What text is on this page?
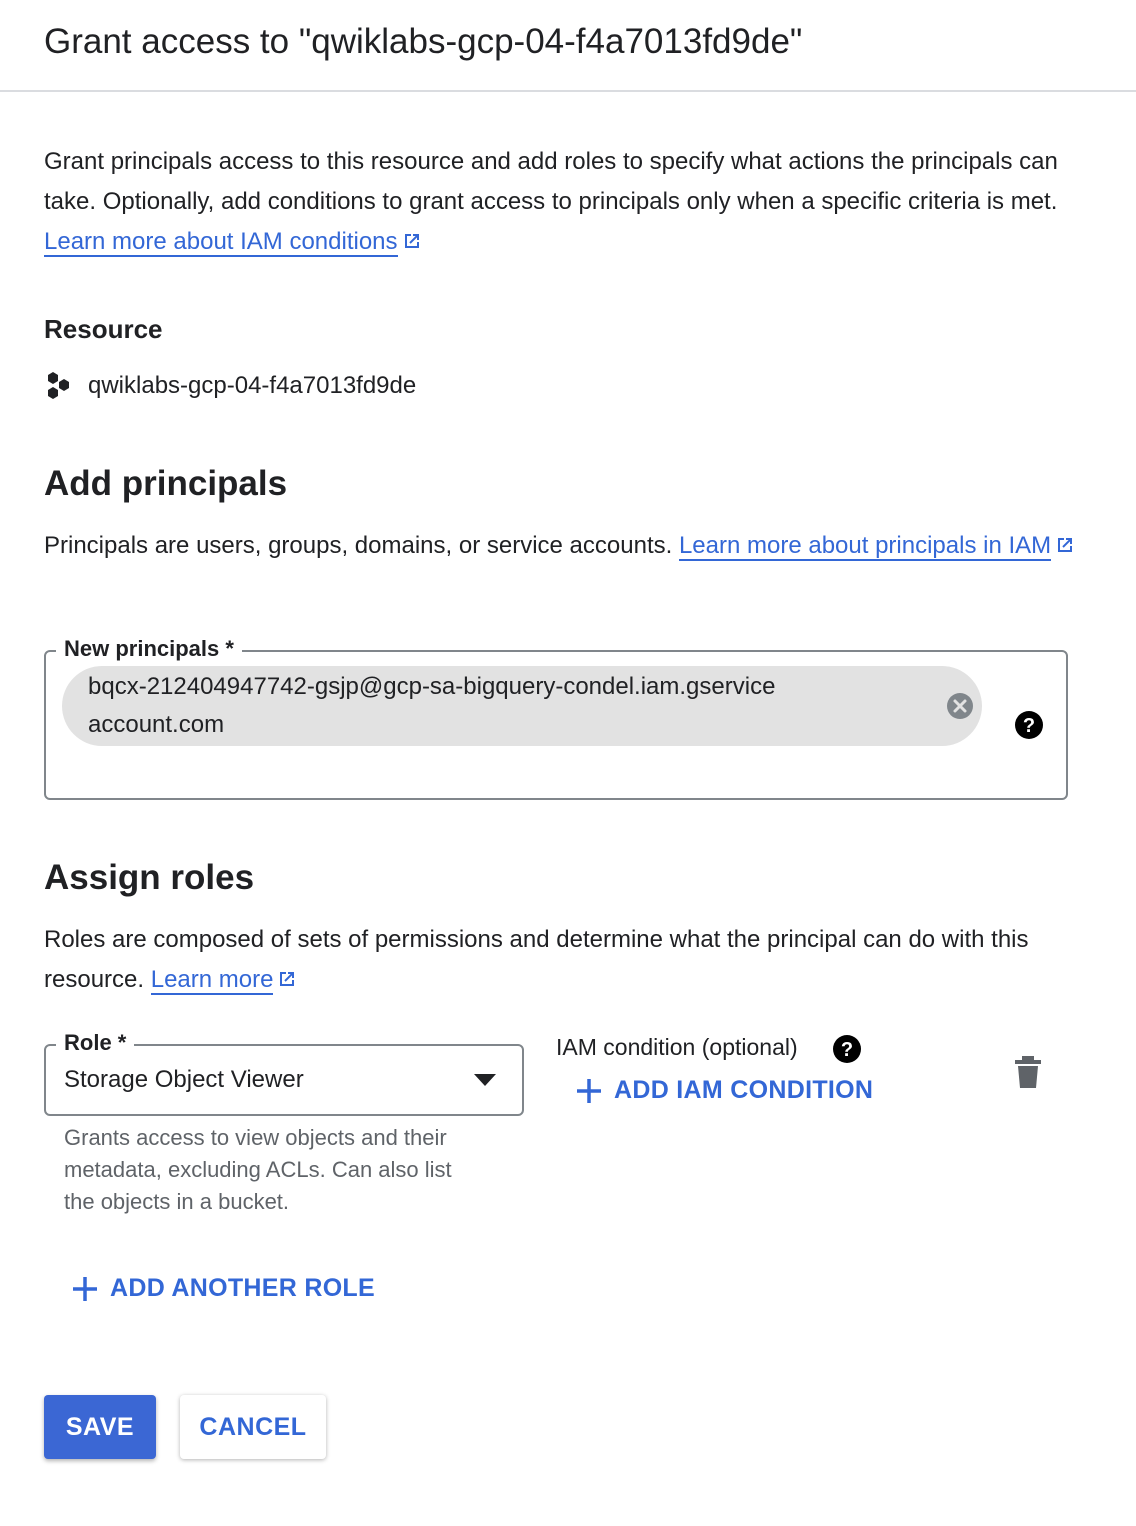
Grant access to "qwiklabs-gcp-04-f4a7013fd9de"
Grant principals access to this resource and add roles to specify what actions the principals can take. Optionally, add conditions to grant access to principals only when a specific criteria is met. Learn more about IAM conditions
Resource
qwiklabs-gcp-04-f4a7013fd9de
Add principals
Principals are users, groups, domains, or service accounts. Learn more about principals in IAM
New principals *
bqcx-212404947742-gsjp@gcp-sa-bigquery-condel.iam.gserviceaccount.com	?
Assign roles
Roles are composed of sets of permissions and determine what the principal can do with this resource. Learn more
Role *
Storage Object Viewer
Grants access to view objects and their metadata, excluding ACLs. Can also list the objects in a bucket.
IAM condition (optional) ?
ADD IAM CONDITION
ADD ANOTHER ROLE
SAVE	CANCEL
